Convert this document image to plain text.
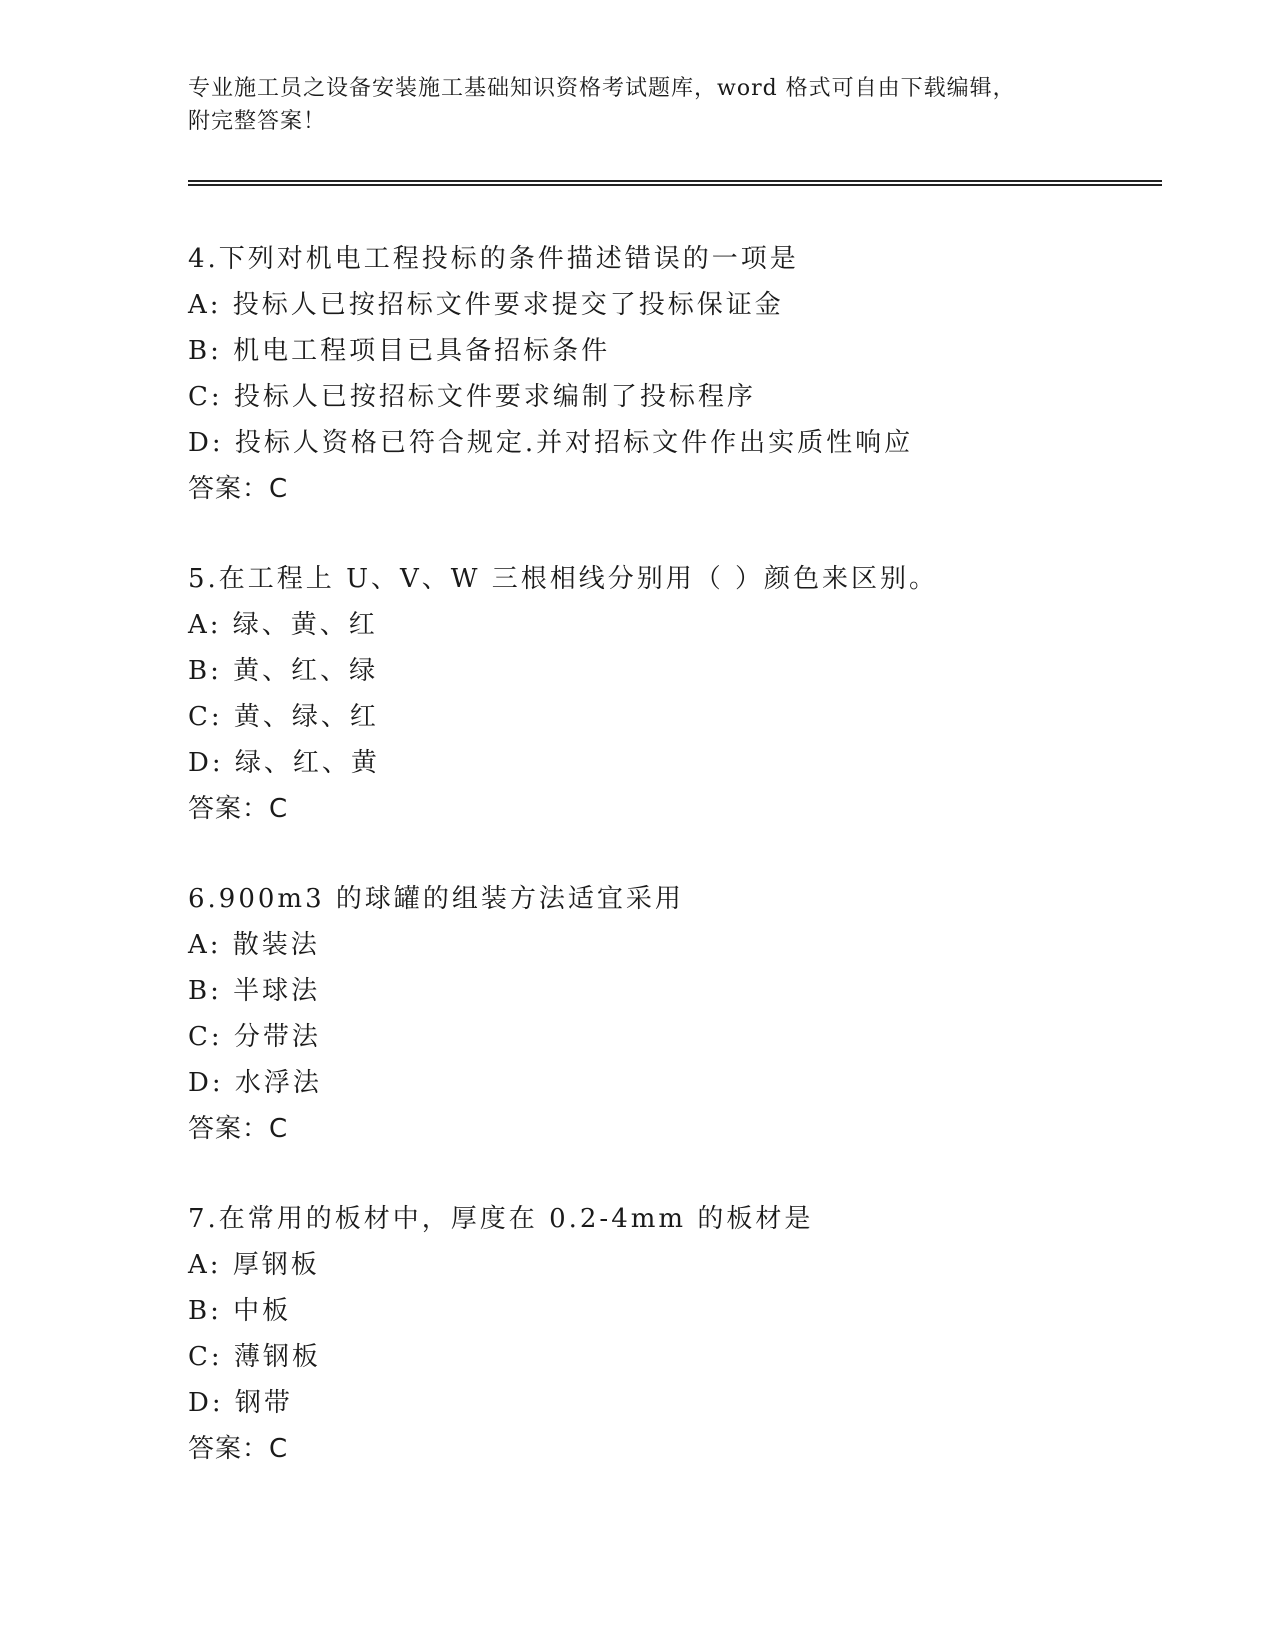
专业施工员之设备安装施工基础知识资格考试题库，word 格式可自由下载编辑，
附完整答案！
4.下列对机电工程投标的条件描述错误的一项是
A: 投标人已按招标文件要求提交了投标保证金
B: 机电工程项目已具备招标条件
C: 投标人已按招标文件要求编制了投标程序
D: 投标人资格已符合规定.并对招标文件作出实质性响应
答案：C
5.在工程上 U、V、W 三根相线分别用（ ）颜色来区别。
A: 绿、黄、红
B: 黄、红、绿
C: 黄、绿、红
D: 绿、红、黄
答案：C
6.900m3 的球罐的组装方法适宜采用
A: 散装法
B: 半球法
C: 分带法
D: 水浮法
答案：C
7.在常用的板材中，厚度在 0.2-4mm 的板材是
A: 厚钢板
B: 中板
C: 薄钢板
D: 钢带
答案：C
